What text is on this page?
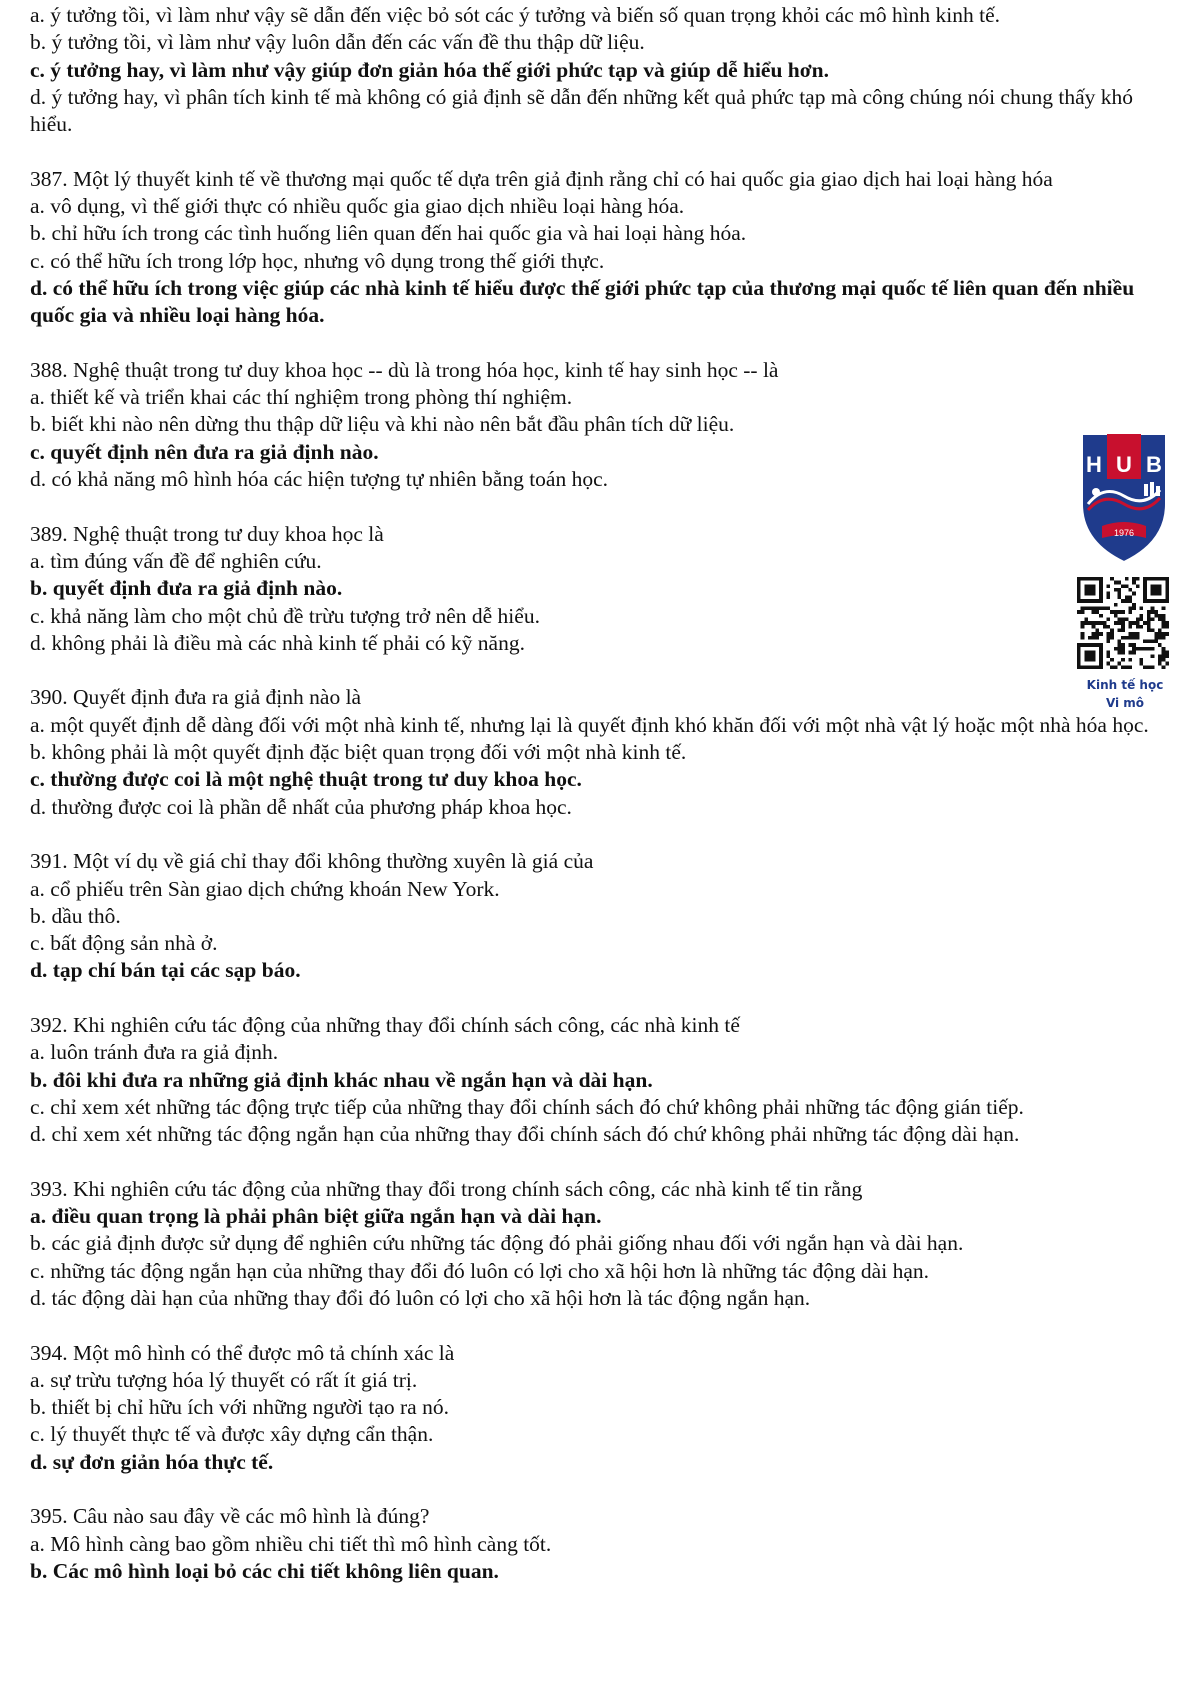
a. ý tưởng tồi, vì làm như vậy sẽ dẫn đến việc bỏ sót các ý tưởng và biến số quan trọng khỏi các mô hình kinh tế.
b. ý tưởng tồi, vì làm như vậy luôn dẫn đến các vấn đề thu thập dữ liệu.
c. ý tưởng hay, vì làm như vậy giúp đơn giản hóa thế giới phức tạp và giúp dễ hiểu hơn.
d. ý tưởng hay, vì phân tích kinh tế mà không có giả định sẽ dẫn đến những kết quả phức tạp mà công chúng nói chung thấy khó hiểu.
387. Một lý thuyết kinh tế về thương mại quốc tế dựa trên giả định rằng chỉ có hai quốc gia giao dịch hai loại hàng hóa
a. vô dụng, vì thế giới thực có nhiều quốc gia giao dịch nhiều loại hàng hóa.
b. chỉ hữu ích trong các tình huống liên quan đến hai quốc gia và hai loại hàng hóa.
c. có thể hữu ích trong lớp học, nhưng vô dụng trong thế giới thực.
d. có thể hữu ích trong việc giúp các nhà kinh tế hiểu được thế giới phức tạp của thương mại quốc tế liên quan đến nhiều quốc gia và nhiều loại hàng hóa.
388. Nghệ thuật trong tư duy khoa học -- dù là trong hóa học, kinh tế hay sinh học -- là
a. thiết kế và triển khai các thí nghiệm trong phòng thí nghiệm.
b. biết khi nào nên dừng thu thập dữ liệu và khi nào nên bắt đầu phân tích dữ liệu.
c. quyết định nên đưa ra giả định nào.
d. có khả năng mô hình hóa các hiện tượng tự nhiên bằng toán học.
389. Nghệ thuật trong tư duy khoa học là
a. tìm đúng vấn đề để nghiên cứu.
b. quyết định đưa ra giả định nào.
c. khả năng làm cho một chủ đề trừu tượng trở nên dễ hiểu.
d. không phải là điều mà các nhà kinh tế phải có kỹ năng.
390. Quyết định đưa ra giả định nào là
a. một quyết định dễ dàng đối với một nhà kinh tế, nhưng lại là quyết định khó khăn đối với một nhà vật lý hoặc một nhà hóa học.
b. không phải là một quyết định đặc biệt quan trọng đối với một nhà kinh tế.
c. thường được coi là một nghệ thuật trong tư duy khoa học.
d. thường được coi là phần dễ nhất của phương pháp khoa học.
391. Một ví dụ về giá chỉ thay đổi không thường xuyên là giá của
a. cổ phiếu trên Sàn giao dịch chứng khoán New York.
b. dầu thô.
c. bất động sản nhà ở.
d. tạp chí bán tại các sạp báo.
392. Khi nghiên cứu tác động của những thay đổi chính sách công, các nhà kinh tế
a. luôn tránh đưa ra giả định.
b. đôi khi đưa ra những giả định khác nhau về ngắn hạn và dài hạn.
c. chỉ xem xét những tác động trực tiếp của những thay đổi chính sách đó chứ không phải những tác động gián tiếp.
d. chỉ xem xét những tác động ngắn hạn của những thay đổi chính sách đó chứ không phải những tác động dài hạn.
393. Khi nghiên cứu tác động của những thay đổi trong chính sách công, các nhà kinh tế tin rằng
a. điều quan trọng là phải phân biệt giữa ngắn hạn và dài hạn.
b. các giả định được sử dụng để nghiên cứu những tác động đó phải giống nhau đối với ngắn hạn và dài hạn.
c. những tác động ngắn hạn của những thay đổi đó luôn có lợi cho xã hội hơn là những tác động dài hạn.
d. tác động dài hạn của những thay đổi đó luôn có lợi cho xã hội hơn là tác động ngắn hạn.
394. Một mô hình có thể được mô tả chính xác là
a. sự trừu tượng hóa lý thuyết có rất ít giá trị.
b. thiết bị chỉ hữu ích với những người tạo ra nó.
c. lý thuyết thực tế và được xây dựng cẩn thận.
d. sự đơn giản hóa thực tế.
395. Câu nào sau đây về các mô hình là đúng?
a. Mô hình càng bao gồm nhiều chi tiết thì mô hình càng tốt.
b. Các mô hình loại bỏ các chi tiết không liên quan.
H U B
1976
Kinh tế học
Vi mô
